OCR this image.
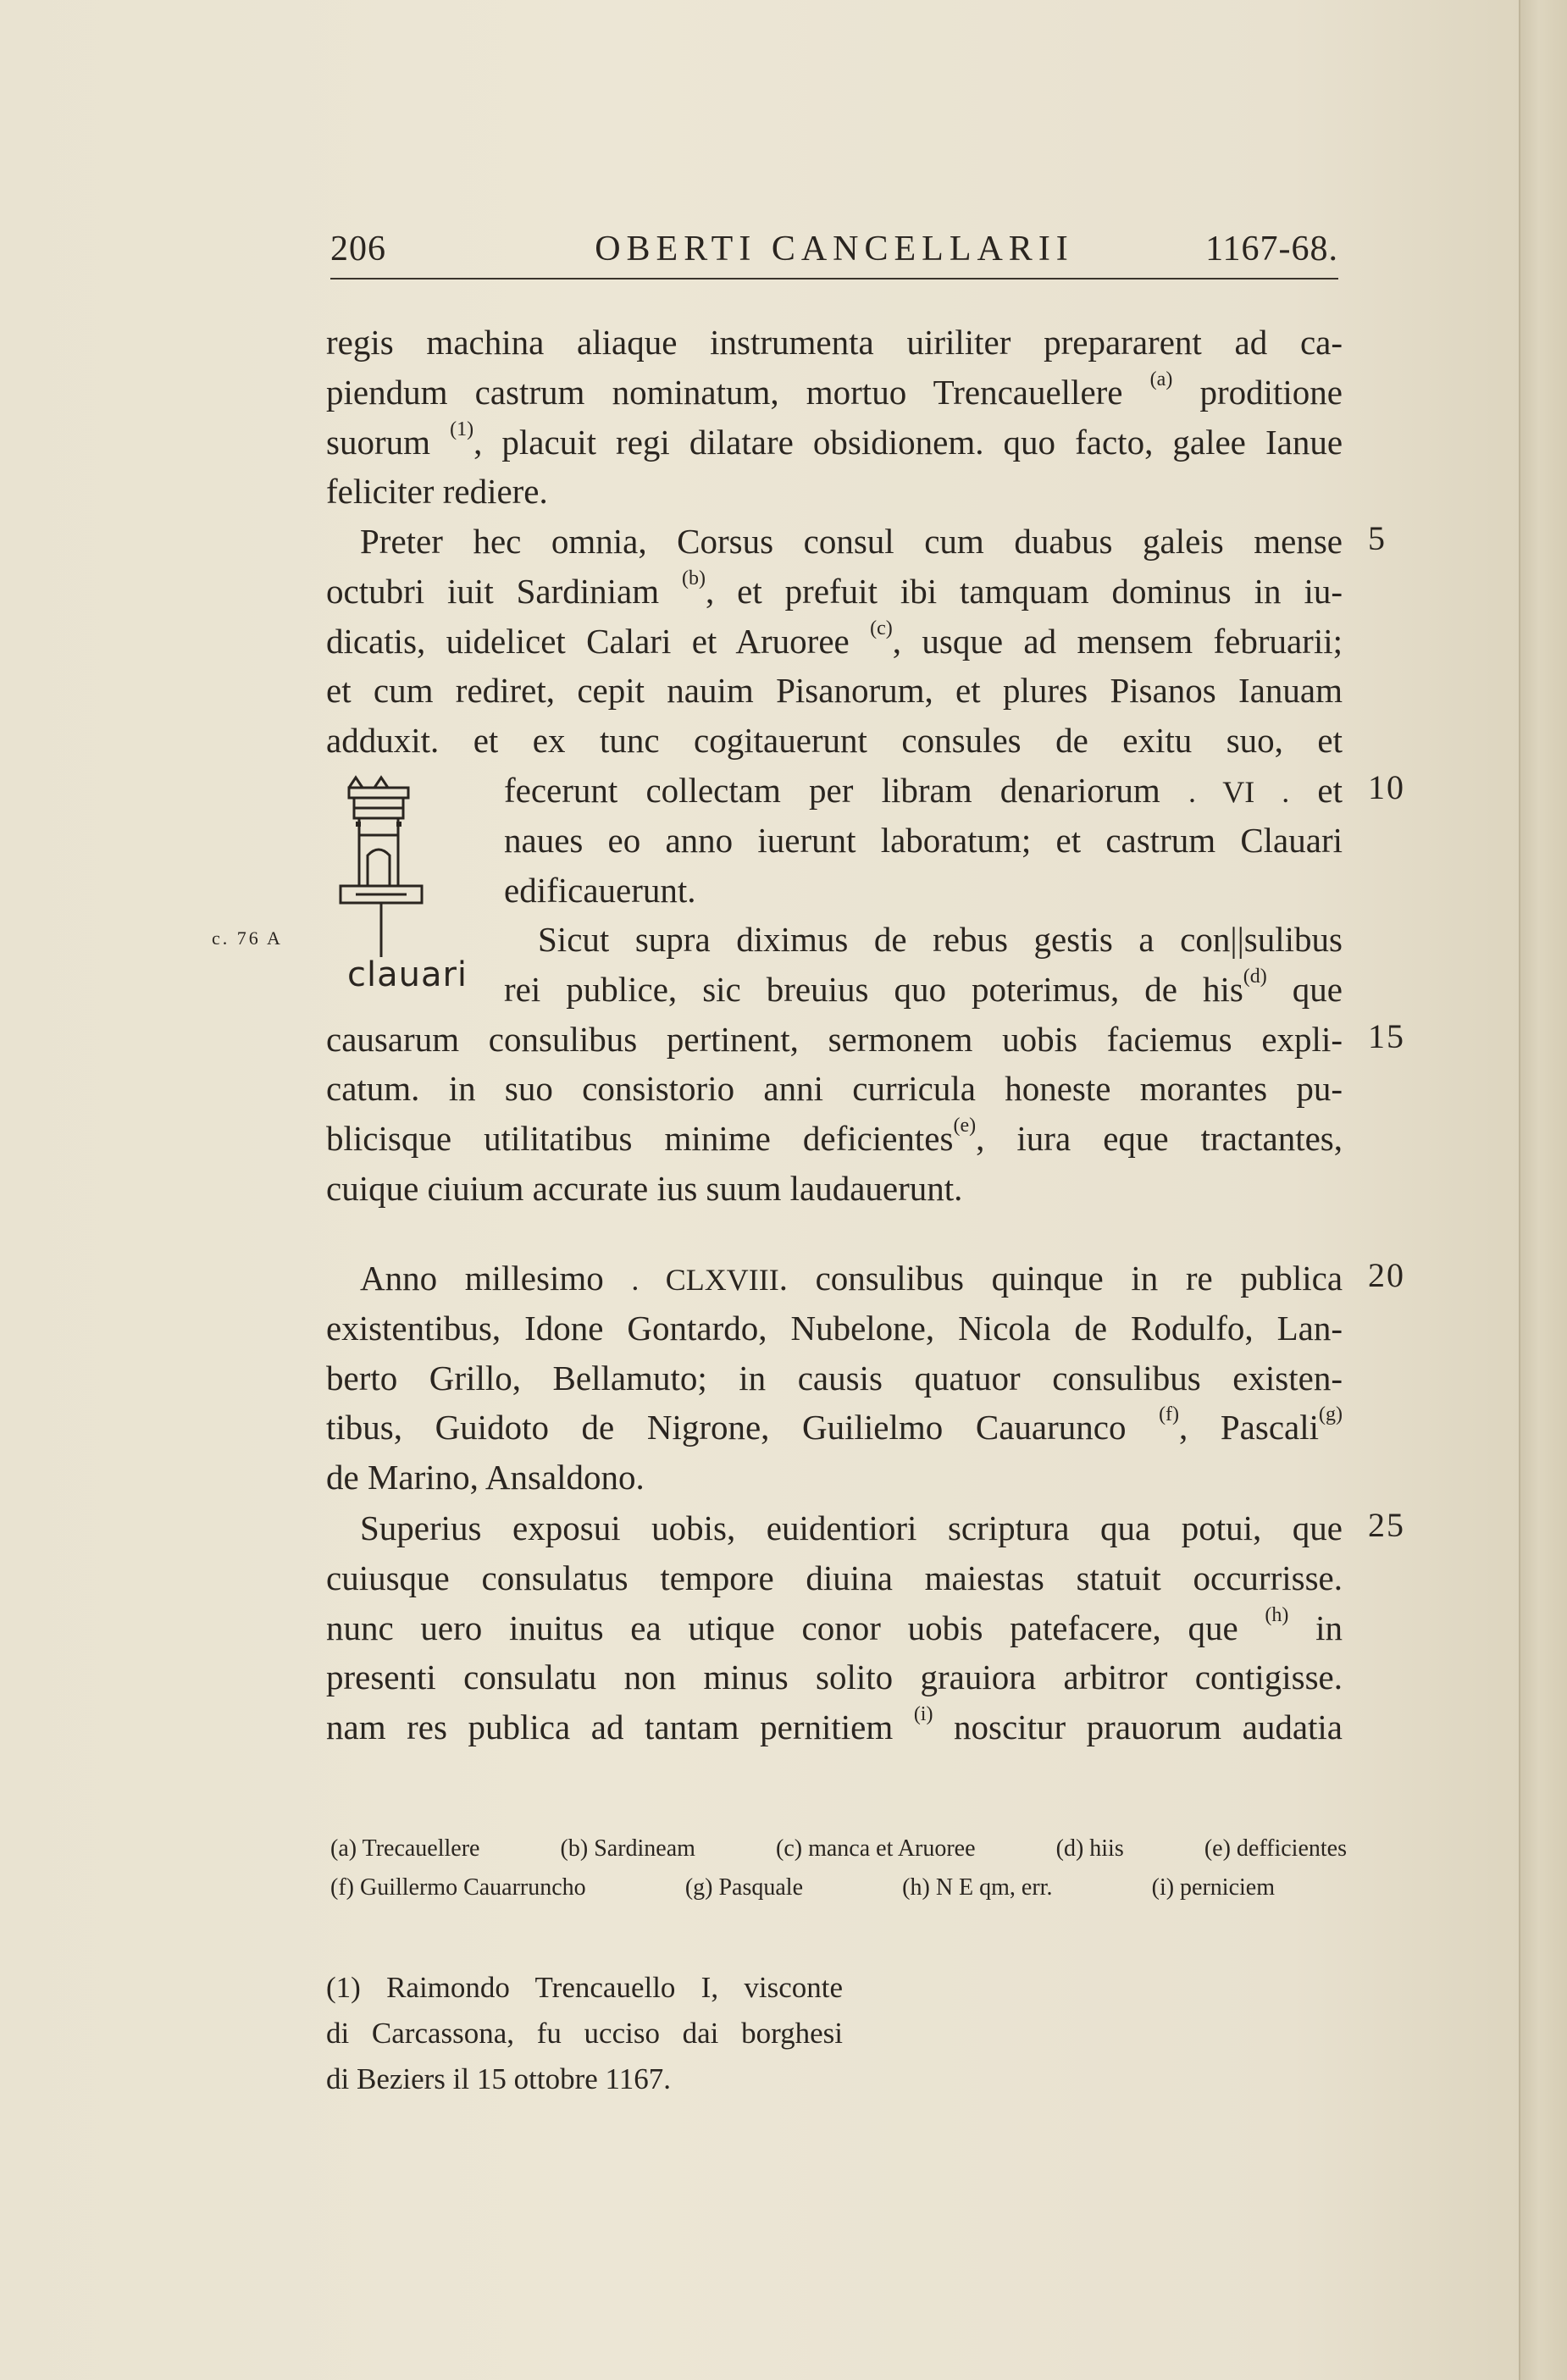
206	OBERTI CANCELLARII	1167-68.
regis machina aliaque instrumenta uiriliter prepararent ad ca-
piendum castrum nominatum, mortuo Trencauellere $^{(a)}$ proditione
suorum $^{(1)}$, placuit regi dilatare obsidionem. quo facto, galee Ianue
feliciter rediere.
Preter hec omnia, Corsus consul cum duabus galeis mense
octubri iuit Sardiniam $^{(b)}$, et prefuit ibi tamquam dominus in iu-
dicatis, uidelicet Calari et Aruoree $^{(c)}$, usque ad mensem februarii;
et cum rediret, cepit nauim Pisanorum, et plures Pisanos Ianuam
adduxit. et ex tunc cogitauerunt consules de exitu suo, et
fecerunt collectam per libram denariorum . VI . et
naues eo anno iuerunt laboratum; et castrum Clauari
edificauerunt.
Sicut supra diximus de rebus gestis a con||sulibus
rei publice, sic breuius quo poterimus, de his$^{(d)}$ que
causarum consulibus pertinent, sermonem uobis faciemus expli-
catum. in suo consistorio anni curricula honeste morantes pu-
blicisque utilitatibus minime deficientes$^{(e)}$, iura eque tractantes,
cuique ciuium accurate ius suum laudauerunt.
Anno millesimo . CLXVIII. consulibus quinque in re publica
existentibus, Idone Gontardo, Nubelone, Nicola de Rodulfo, Lan-
berto Grillo, Bellamuto; in causis quatuor consulibus existen-
tibus, Guidoto de Nigrone, Guilielmo Cauarunco $^{(f)}$, Pascali$^{(g)}$
de Marino, Ansaldono.
Superius exposui uobis, euidentiori scriptura qua potui, que
cuiusque consulatus tempore diuina maiestas statuit occurrisse.
nunc uero inuitus ea utique conor uobis patefacere, que $^{(h)}$ in
presenti consulatu non minus solito grauiora arbitror contigisse.
nam res publica ad tantam pernitiem $^{(i)}$ noscitur prauorum audatia
5
10
15
20
25
c. 76 A
clauari
(a) Trecauellere	(b) Sardineam	(c) manca et Aruoree	(d) hiis	(e) defficientes
(f) Guillermo Cauarruncho	(g) Pasquale	(h) N E qm, err.	(i) perniciem
(1) Raimondo Trencauello I, visconte
di Carcassona, fu ucciso dai borghesi
di Beziers il 15 ottobre 1167.
